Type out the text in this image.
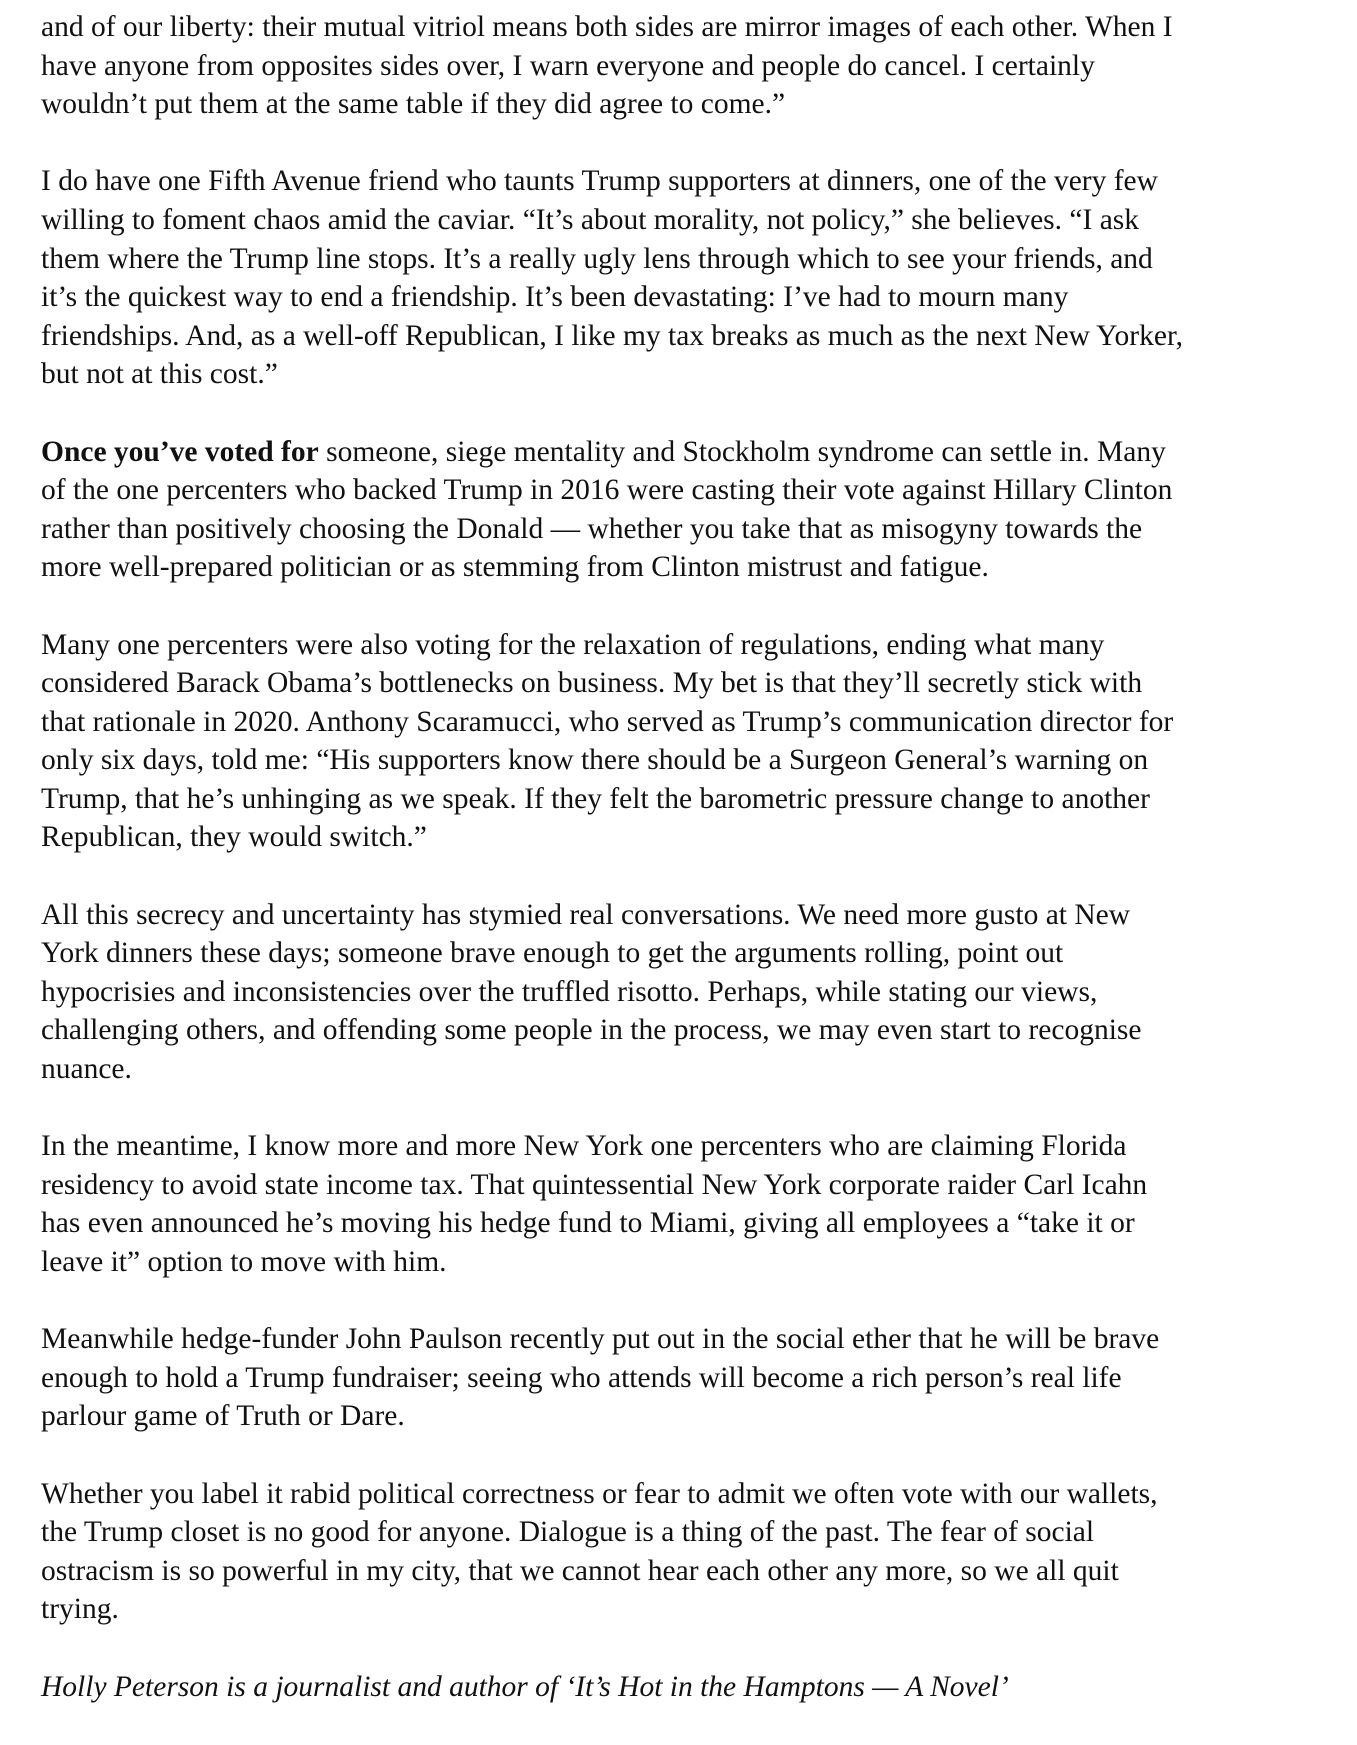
and of our liberty: their mutual vitriol means both sides are mirror images of each other. When I
have anyone from opposites sides over, I warn everyone and people do cancel. I certainly
wouldn’t put them at the same table if they did agree to come.”

I do have one Fifth Avenue friend who taunts Trump supporters at dinners, one of the very few
willing to foment chaos amid the caviar. “It’s about morality, not policy,” she believes. “I ask
them where the Trump line stops. It’s a really ugly lens through which to see your friends, and
it’s the quickest way to end a friendship. It’s been devastating: I’ve had to mourn many
friendships. And, as a well-off Republican, I like my tax breaks as much as the next New Yorker,
but not at this cost.”

Once you’ve voted for someone, siege mentality and Stockholm syndrome can settle in. Many
of the one percenters who backed Trump in 2016 were casting their vote against Hillary Clinton
rather than positively choosing the Donald — whether you take that as misogyny towards the
more well-prepared politician or as stemming from Clinton mistrust and fatigue.

Many one percenters were also voting for the relaxation of regulations, ending what many
considered Barack Obama’s bottlenecks on business. My bet is that they’ll secretly stick with
that rationale in 2020. Anthony Scaramucci, who served as Trump’s communication director for
only six days, told me: “His supporters know there should be a Surgeon General’s warning on
Trump, that he’s unhinging as we speak. If they felt the barometric pressure change to another
Republican, they would switch.”

All this secrecy and uncertainty has stymied real conversations. We need more gusto at New
York dinners these days; someone brave enough to get the arguments rolling, point out
hypocrisies and inconsistencies over the truffled risotto. Perhaps, while stating our views,
challenging others, and offending some people in the process, we may even start to recognise
nuance.

In the meantime, I know more and more New York one percenters who are claiming Florida
residency to avoid state income tax. That quintessential New York corporate raider Carl Icahn
has even announced he’s moving his hedge fund to Miami, giving all employees a “take it or
leave it” option to move with him.

Meanwhile hedge-funder John Paulson recently put out in the social ether that he will be brave
enough to hold a Trump fundraiser; seeing who attends will become a rich person’s real life
parlour game of Truth or Dare.

Whether you label it rabid political correctness or fear to admit we often vote with our wallets,
the Trump closet is no good for anyone. Dialogue is a thing of the past. The fear of social
ostracism is so powerful in my city, that we cannot hear each other any more, so we all quit
trying.

Holly Peterson is a journalist and author of ‘It’s Hot in the Hamptons — A Novel’
